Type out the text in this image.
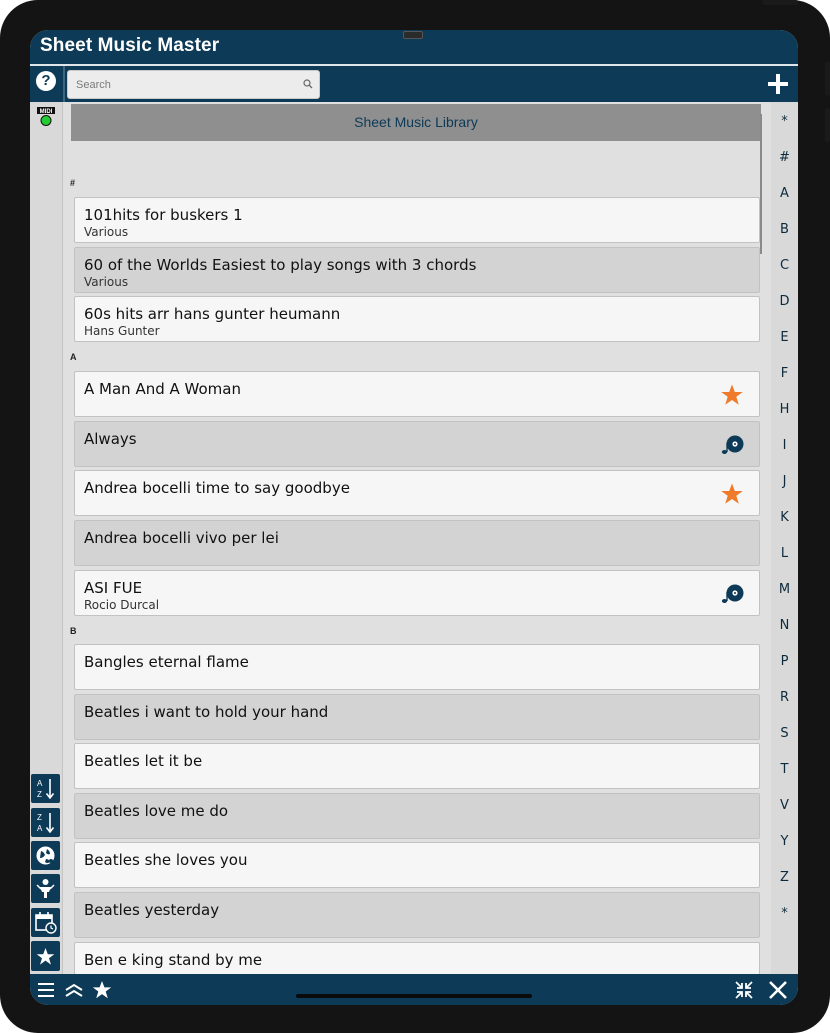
Sheet Music Master
?
Search
MIDI
A
Z
Z
A
Sheet Music Library
#
101hits for buskers 1
Various
60 of the Worlds Easiest to play songs with 3 chords
Various
60s hits arr hans gunter heumann
Hans Gunter
A
A Man And A Woman
Always
Andrea bocelli time to say goodbye
Andrea bocelli vivo per lei
ASI FUE
Rocio Durcal
B
Bangles eternal flame
Beatles i want to hold your hand
Beatles let it be
Beatles love me do
Beatles she loves you
Beatles yesterday
Ben e king stand by me
*
#
A
B
C
D
E
F
H
I
J
K
L
M
N
P
R
S
T
V
Y
Z
*
